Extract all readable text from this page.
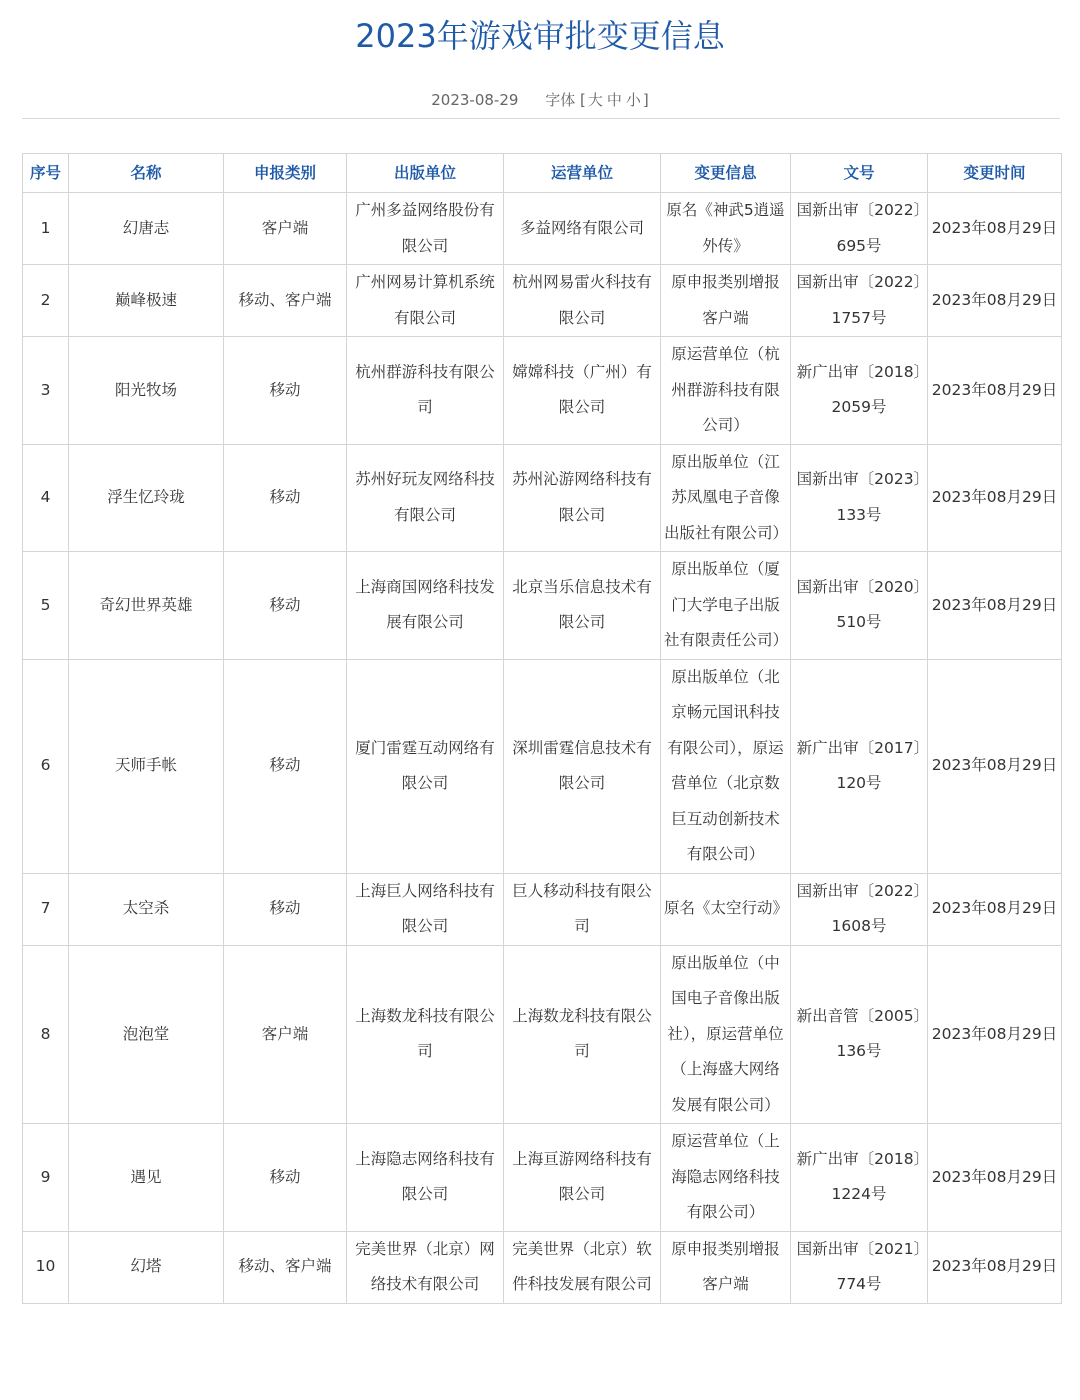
2023年游戏审批变更信息
2023-08-29 字体 [ 大 中 小 ]
序号	名称	申报类别	出版单位	运营单位	变更信息	文号	变更时间
1	幻唐志	客户端	广州多益网络股份有限公司	多益网络有限公司	原名《神武5逍遥外传》	国新出审〔2022〕695号	2023年08月29日
2	巅峰极速	移动、客户端	广州网易计算机系统有限公司	杭州网易雷火科技有限公司	原申报类别增报客户端	国新出审〔2022〕1757号	2023年08月29日
3	阳光牧场	移动	杭州群游科技有限公司	嫦嫦科技（广州）有限公司	原运营单位（杭州群游科技有限公司）	新广出审〔2018〕2059号	2023年08月29日
4	浮生忆玲珑	移动	苏州好玩友网络科技有限公司	苏州沁游网络科技有限公司	原出版单位（江苏凤凰电子音像出版社有限公司）	国新出审〔2023〕133号	2023年08月29日
5	奇幻世界英雄	移动	上海商国网络科技发展有限公司	北京当乐信息技术有限公司	原出版单位（厦门大学电子出版社有限责任公司）	国新出审〔2020〕510号	2023年08月29日
6	天师手帐	移动	厦门雷霆互动网络有限公司	深圳雷霆信息技术有限公司	原出版单位（北京畅元国讯科技有限公司），原运营单位（北京数巨互动创新技术有限公司）	新广出审〔2017〕120号	2023年08月29日
7	太空杀	移动	上海巨人网络科技有限公司	巨人移动科技有限公司	原名《太空行动》	国新出审〔2022〕1608号	2023年08月29日
8	泡泡堂	客户端	上海数龙科技有限公司	上海数龙科技有限公司	原出版单位（中国电子音像出版社），原运营单位（上海盛大网络发展有限公司）	新出音管〔2005〕136号	2023年08月29日
9	遇见	移动	上海隐志网络科技有限公司	上海亘游网络科技有限公司	原运营单位（上海隐志网络科技有限公司）	新广出审〔2018〕1224号	2023年08月29日
10	幻塔	移动、客户端	完美世界（北京）网络技术有限公司	完美世界（北京）软件科技发展有限公司	原申报类别增报客户端	国新出审〔2021〕774号	2023年08月29日
